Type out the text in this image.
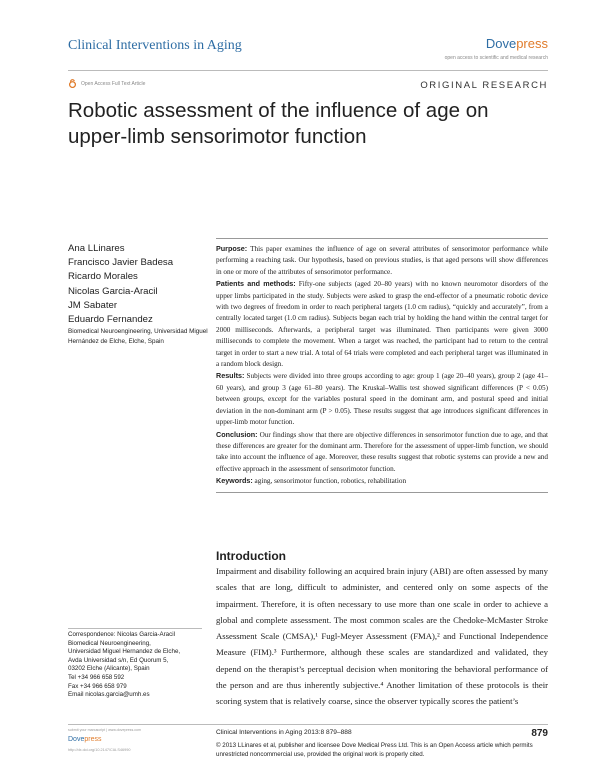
Clinical Interventions in Aging	Dovepress
open access to scientific and medical research
Open Access Full Text Article	ORIGINAL RESEARCH
Robotic assessment of the influence of age on upper-limb sensorimotor function
Ana LLinares
Francisco Javier Badesa
Ricardo Morales
Nicolas Garcia-Aracil
JM Sabater
Eduardo Fernandez
Biomedical Neuroengineering, Universidad Miguel Hernández de Elche, Elche, Spain

Purpose: This paper examines the influence of age on several attributes of sensorimotor performance while performing a reaching task. Our hypothesis, based on previous studies, is that aged persons will show differences in one or more of the attributes of sensorimotor performance.

Patients and methods: Fifty-one subjects (aged 20–80 years) with no known neuromotor disorders of the upper limbs participated in the study. Subjects were asked to grasp the end-effector of a pneumatic robotic device with two degrees of freedom in order to reach peripheral targets (1.0 cm radius), “quickly and accurately”, from a centrally located target (1.0 cm radius). Subjects began each trial by holding the hand within the central target for 2000 milliseconds. Afterwards, a peripheral target was illuminated. Then participants were given 3000 milliseconds to complete the movement. When a target was reached, the participant had to return to the central target in order to start a new trial. A total of 64 trials were completed and each peripheral target was illuminated in a random block design.

Results: Subjects were divided into three groups according to age: group 1 (age 20–40 years), group 2 (age 41–60 years), and group 3 (age 61–80 years). The Kruskal–Wallis test showed significant differences (P < 0.05) between groups, except for the variables postural speed in the dominant arm, and postural speed and initial deviation in the non-dominant arm (P > 0.05). These results suggest that age introduces significant differences in upper-limb motor function.

Conclusion: Our findings show that there are objective differences in sensorimotor function due to age, and that these differences are greater for the dominant arm. Therefore for the assessment of upper-limb function, we should take into account the influence of age. Moreover, these results suggest that robotic systems can provide a new and effective approach in the assessment of sensorimotor function.

Keywords: aging, sensorimotor function, robotics, rehabilitation

Introduction

Impairment and disability following an acquired brain injury (ABI) are often assessed by many scales that are long, difficult to administer, and centered only on some aspects of the impairment. Therefore, it is often necessary to use more than one scale in order to achieve a global and complete assessment. The most common scales are the Chedoke-McMaster Stroke Assessment Scale (CMSA),¹ Fugl-Meyer Assessment (FMA),² and Functional Independence Measure (FIM).³ Furthermore, although these scales are standardized and validated, they depend on the therapist’s perceptual decision when monitoring the behavioral performance of the person and are thus inherently subjective.⁴ Another limitation of these protocols is their scoring system that is relatively coarse, since the observer typically scores the patient’s

Correspondence: Nicolas Garcia-Aracil
Biomedical Neuroengineering,
Universidad Miguel Hernandez de Elche,
Avda Universidad s/n, Ed Quorum 5,
03202 Elche (Alicante), Spain
Tel +34 966 658 592
Fax +34 966 658 979
Email nicolas.garcia@umh.es
submit your manuscript | www.dovepress.com
Dovepress
http://dx.doi.org/10.2147/CIA.S46990
Clinical Interventions in Aging 2013:8 879–888	879
© 2013 LLinares et al, publisher and licensee Dove Medical Press Ltd. This is an Open Access article which permits unrestricted noncommercial use, provided the original work is properly cited.
